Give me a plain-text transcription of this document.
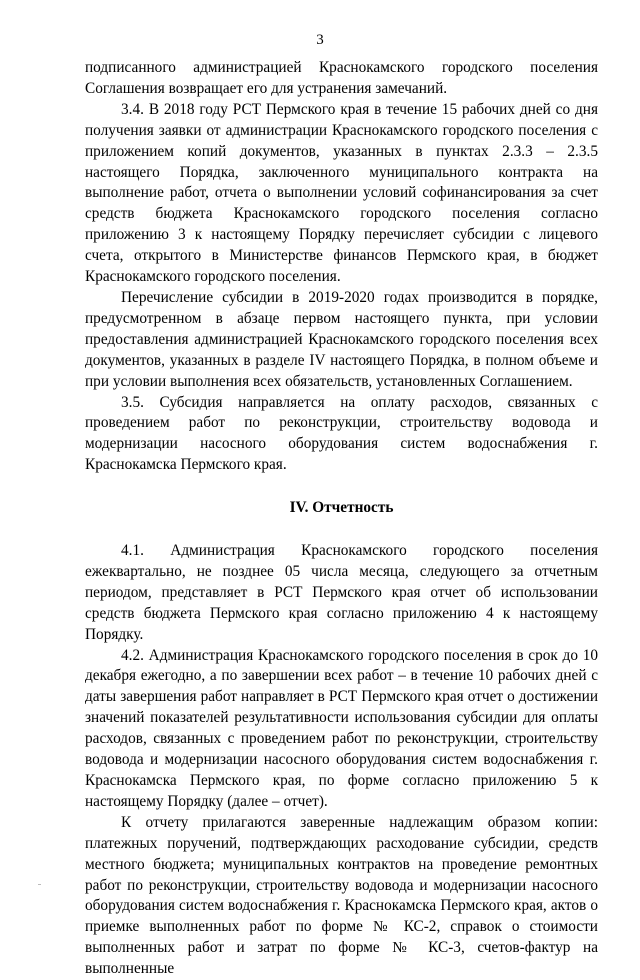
3

подписанного администрацией Краснокамского городского поселения Соглашения возвращает его для устранения замечаний.

3.4. В 2018 году РСТ Пермского края в течение 15 рабочих дней со дня получения заявки от администрации Краснокамского городского поселения с приложением копий документов, указанных в пунктах 2.3.3 – 2.3.5 настоящего Порядка, заключенного муниципального контракта на выполнение работ, отчета о выполнении условий софинансирования за счет средств бюджета Краснокамского городского поселения согласно приложению 3 к настоящему Порядку перечисляет субсидии с лицевого счета, открытого в Министерстве финансов Пермского края, в бюджет Краснокамского городского поселения.

Перечисление субсидии в 2019-2020 годах производится в порядке, предусмотренном в абзаце первом настоящего пункта, при условии предоставления администрацией Краснокамского городского поселения всех документов, указанных в разделе IV настоящего Порядка, в полном объеме и при условии выполнения всех обязательств, установленных Соглашением.

3.5. Субсидия направляется на оплату расходов, связанных с проведением работ по реконструкции, строительству водовода и модернизации насосного оборудования систем водоснабжения г. Краснокамска Пермского края.

IV. Отчетность

4.1. Администрация Краснокамского городского поселения ежеквартально, не позднее 05 числа месяца, следующего за отчетным периодом, представляет в РСТ Пермского края отчет об использовании средств бюджета Пермского края согласно приложению 4 к настоящему Порядку.

4.2. Администрация Краснокамского городского поселения в срок до 10 декабря ежегодно, а по завершении всех работ – в течение 10 рабочих дней с даты завершения работ направляет в РСТ Пермского края отчет о достижении значений показателей результативности использования субсидии для оплаты расходов, связанных с проведением работ по реконструкции, строительству водовода и модернизации насосного оборудования систем водоснабжения г. Краснокамска Пермского края, по форме согласно приложению 5 к настоящему Порядку (далее – отчет).

К отчету прилагаются заверенные надлежащим образом копии: платежных поручений, подтверждающих расходование субсидии, средств местного бюджета; муниципальных контрактов на проведение ремонтных работ по реконструкции, строительству водовода и модернизации насосного оборудования систем водоснабжения г. Краснокамска Пермского края, актов о приемке выполненных работ по форме № КС-2, справок о стоимости выполненных работ и затрат по форме № КС-3, счетов-фактур на выполненные
